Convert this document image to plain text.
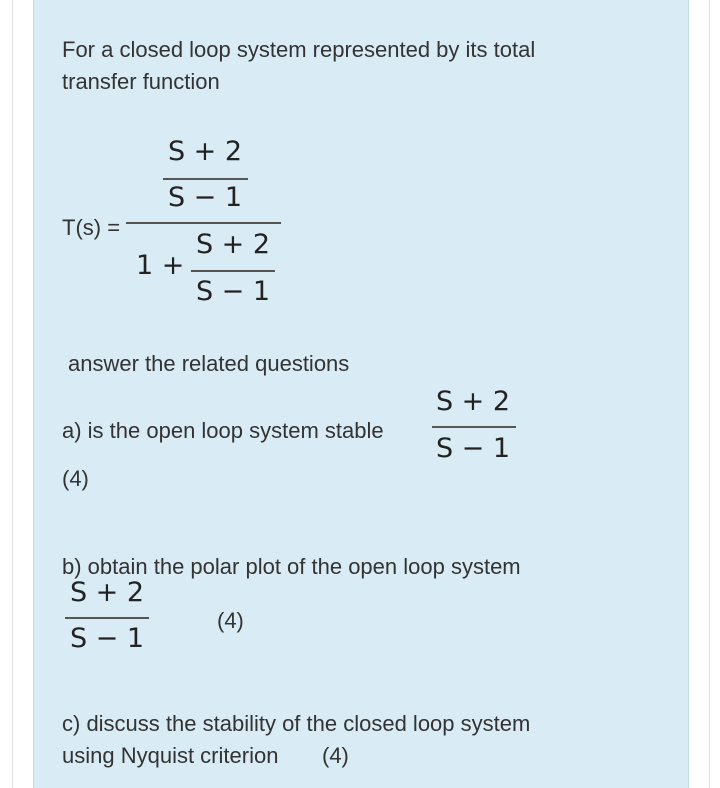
For a closed loop system represented by its total
transfer function
S + 2
S − 1
T(s) =
1 +
S + 2
S − 1
answer the related questions
a) is the open loop system stable
S + 2
S − 1
(4)
b) obtain the polar plot of the open loop system
S + 2
S − 1
(4)
c) discuss the stability of the closed loop system
using Nyquist criterion (4)
